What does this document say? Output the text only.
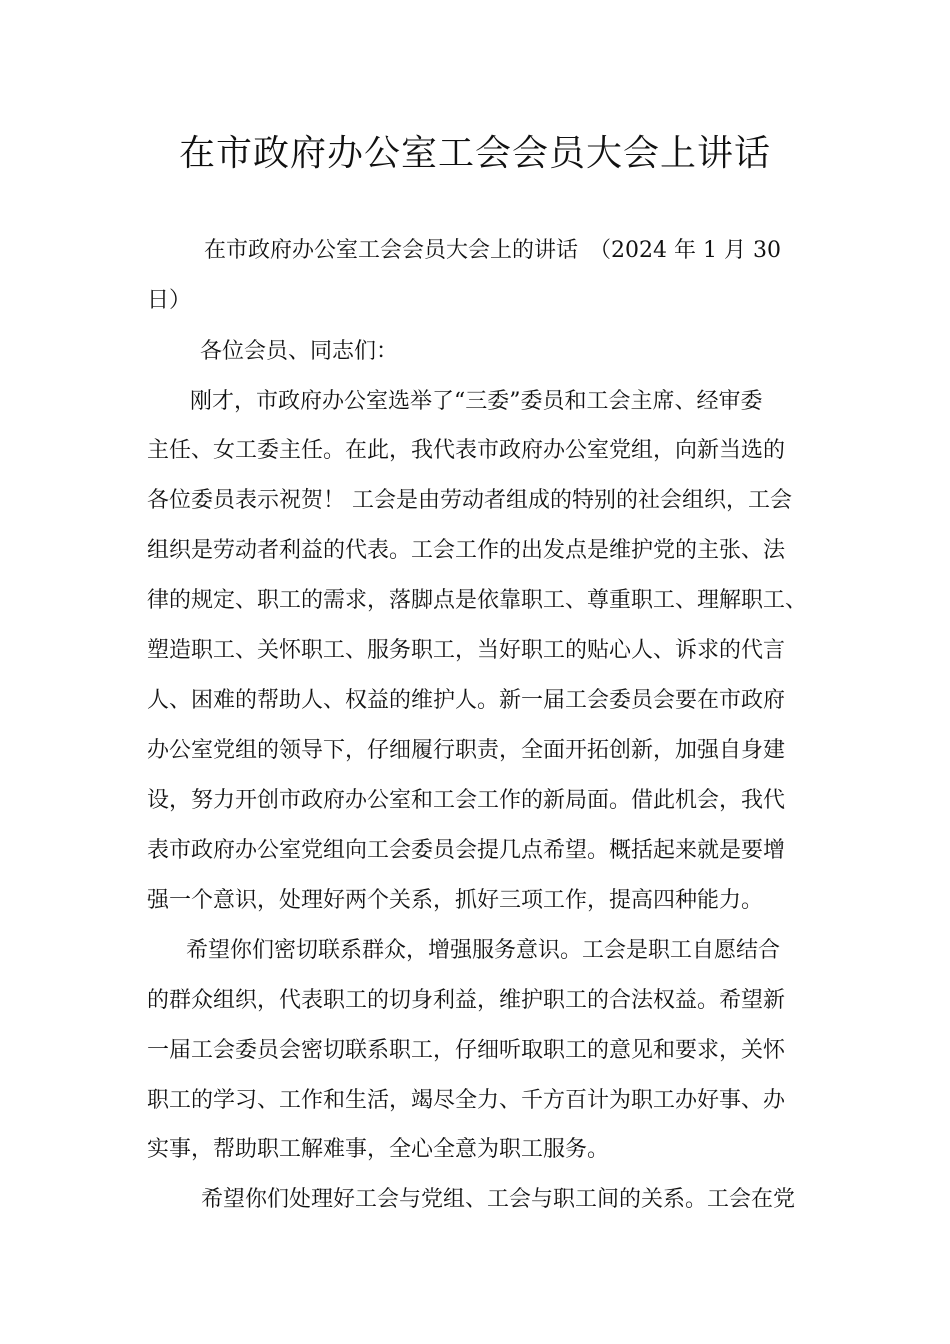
在市政府办公室工会会员大会上讲话

在市政府办公室工会会员大会上的讲话　（2024 年 1 月 30

日）

各位会员、同志们：

刚才，市政府办公室选举了“三委”委员和工会主席、经审委

主任、女工委主任。在此，我代表市政府办公室党组，向新当选的

各位委员表示祝贺！ 工会是由劳动者组成的特别的社会组织，工会

组织是劳动者利益的代表。工会工作的出发点是维护党的主张、法

律的规定、职工的需求，落脚点是依靠职工、尊重职工、理解职工、

塑造职工、关怀职工、服务职工，当好职工的贴心人、诉求的代言

人、困难的帮助人、权益的维护人。新一届工会委员会要在市政府

办公室党组的领导下，仔细履行职责，全面开拓创新，加强自身建

设，努力开创市政府办公室和工会工作的新局面。借此机会，我代

表市政府办公室党组向工会委员会提几点希望。概括起来就是要增

强一个意识，处理好两个关系，抓好三项工作，提高四种能力。

希望你们密切联系群众，增强服务意识。工会是职工自愿结合

的群众组织，代表职工的切身利益，维护职工的合法权益。希望新

一届工会委员会密切联系职工，仔细听取职工的意见和要求，关怀

职工的学习、工作和生活，竭尽全力、千方百计为职工办好事、办

实事，帮助职工解难事，全心全意为职工服务。

希望你们处理好工会与党组、工会与职工间的关系。工会在党
